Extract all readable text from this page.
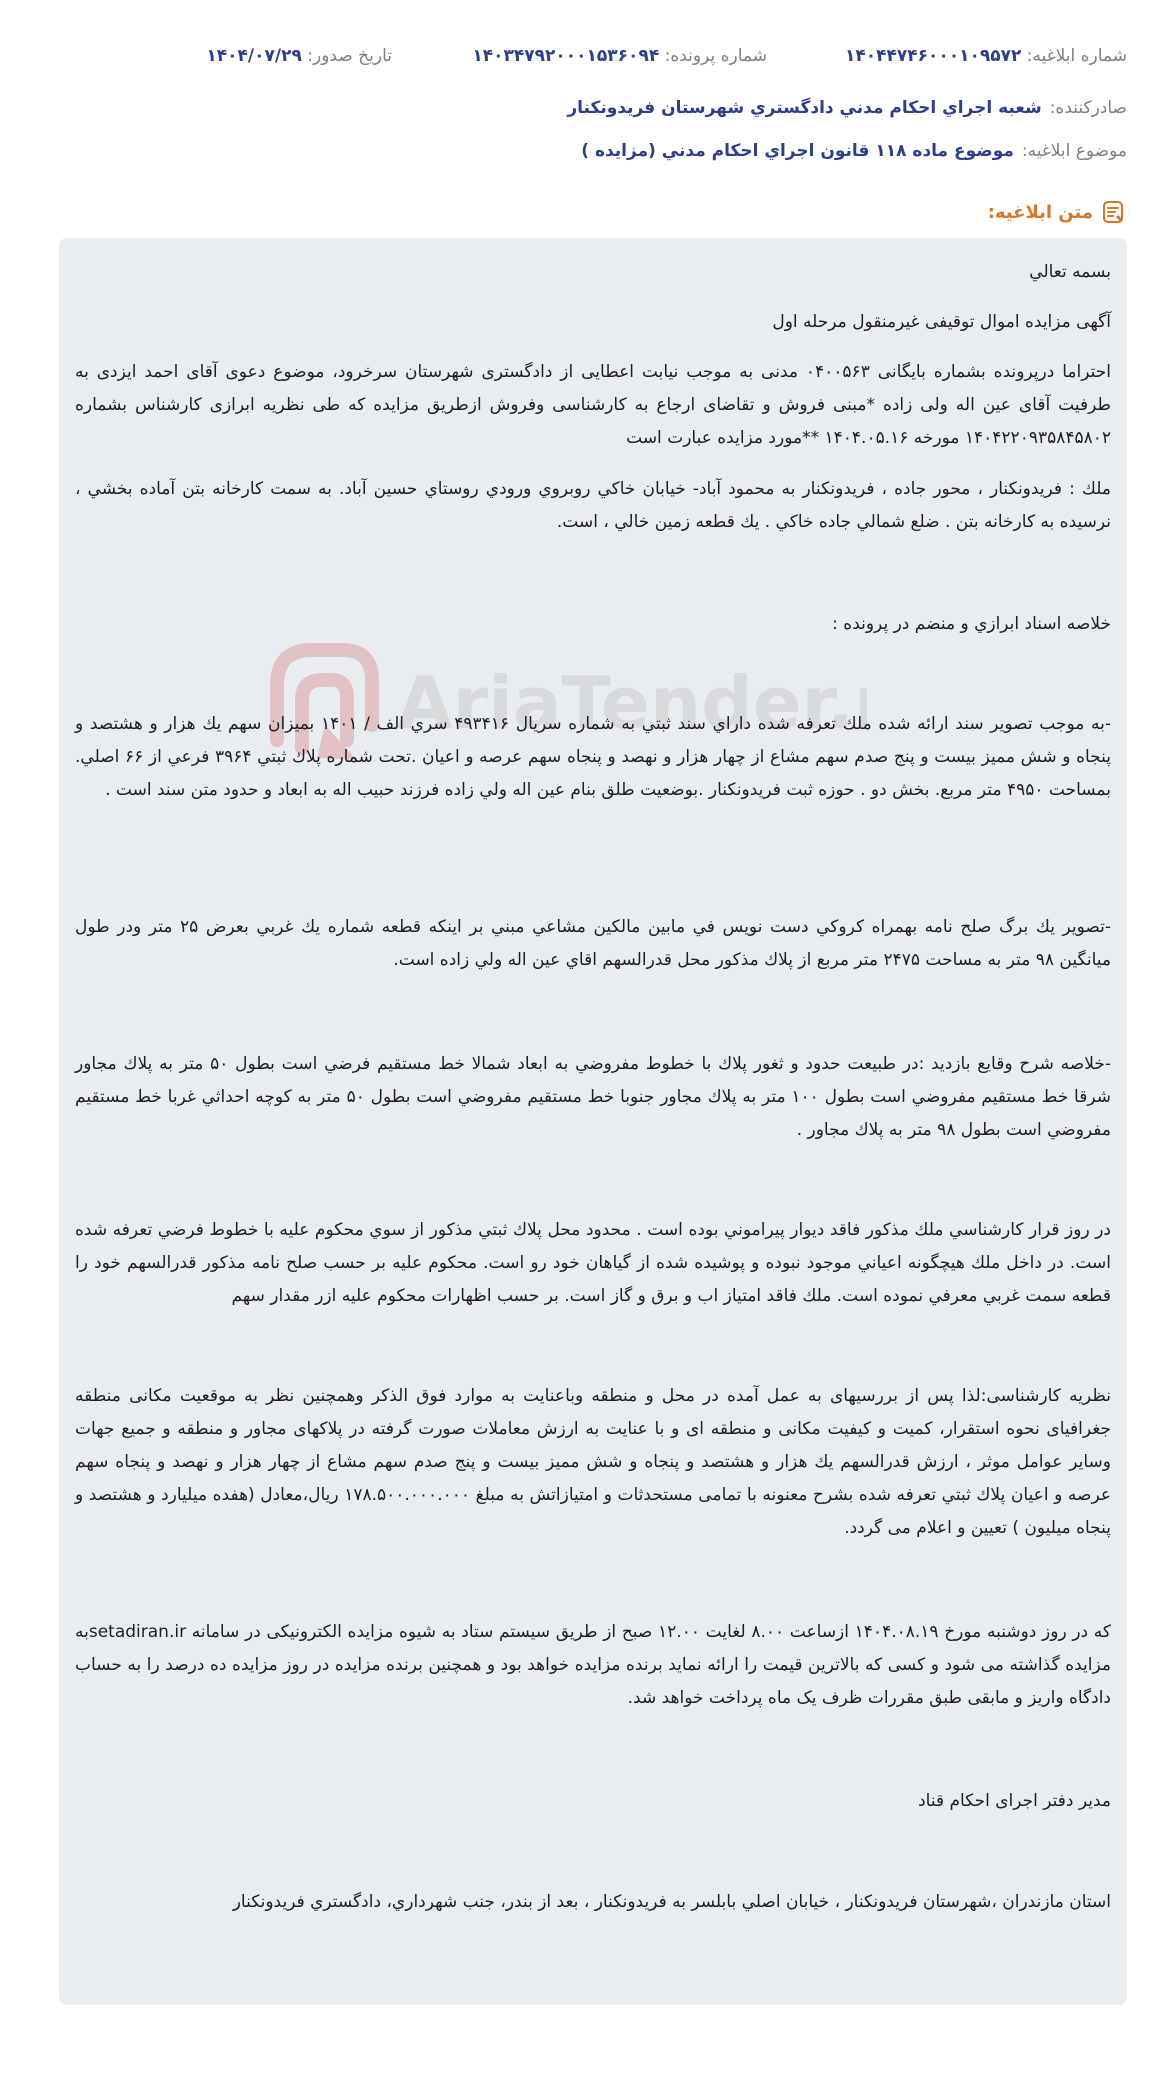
شماره ابلاغیه: ۱۴۰۴۴۷۴۶۰۰۰۱۰۹۵۷۲
شماره پرونده: ۱۴۰۳۴۷۹۲۰۰۰۱۵۳۶۰۹۴
تاریخ صدور: ۱۴۰۴/۰۷/۲۹
صادرکننده:
شعبه اجراي احکام مدني دادگستري شهرستان فريدونکنار
موضوع ابلاغیه:
موضوع ماده ۱۱۸ قانون اجراي احکام مدني (مزايده )
متن ابلاغیه:
AriaTender.

بسمه تعالي

آگهی مزایده اموال توقیفی غیرمنقول مرحله اول

احتراما درپرونده بشماره بایگانی ۰۴۰۰۵۶۳ مدنی به موجب نیابت اعطایی از دادگستری شهرستان سرخرود، موضوع دعوی آقای احمد ایزدی به طرفیت آقای عین اله ولی زاده *مبنی فروش و تقاضای ارجاع به کارشناسی وفروش ازطریق مزایده که طی نظریه ابرازی کارشناس بشماره ۱۴۰۴۲۲۰۹۳۵۸۴۵۸۰۲ مورخه ۱۴۰۴.۰۵.۱۶ **مورد مزایده عبارت است

ملك : فريدونكنار ، محور جاده ، فريدونكنار به محمود آباد- خيابان خاكي روبروي ورودي روستاي حسين آباد. به سمت كارخانه بتن آماده بخشي ، نرسيده به كارخانه بتن . ضلع شمالي جاده خاكي . يك قطعه زمين خالي ، است.

خلاصه اسناد ابرازي و منضم در پرونده :

-به موجب تصوير سند ارائه شده ملك تعرفه شده داراي سند ثبتي به شماره سريال ۴۹۳۴۱۶ سري الف / ۱۴۰۱ بميزان سهم يك هزار و هشتصد و پنجاه و شش مميز بيست و پنج صدم سهم مشاع از چهار هزار و نهصد و پنجاه سهم عرصه و اعيان .تحت شماره پلاك ثبتي ۳۹۶۴ فرعي از ۶۶ اصلي. بمساحت ۴۹۵۰ متر مربع. بخش دو . حوزه ثبت فريدونكنار .بوضعيت طلق بنام عين اله ولي زاده فرزند حبيب اله به ابعاد و حدود متن سند است .

-تصوير يك برگ صلح نامه بهمراه كروكي دست نويس في مابين مالكين مشاعي مبني بر اينكه قطعه شماره يك غربي بعرض ۲۵ متر ودر طول ميانگين ۹۸ متر به مساحت ۲۴۷۵ متر مربع از پلاك مذكور محل قدرالسهم اقاي عين اله ولي زاده است.

-خلاصه شرح وقايع بازديد :در طبيعت حدود و ثغور پلاك با خطوط مفروضي به ابعاد شمالا خط مستقيم فرضي است بطول ۵۰ متر به پلاك مجاور شرقا خط مستقيم مفروضي است بطول ۱۰۰ متر به پلاك مجاور جنوبا خط مستقيم مفروضي است بطول ۵۰ متر به كوچه احداثي غربا خط مستقيم مفروضي است بطول ۹۸ متر به پلاك مجاور .

در روز قرار كارشناسي ملك مذكور فاقد ديوار پيراموني بوده است . محدود محل پلاك ثبتي مذكور از سوي محكوم عليه با خطوط فرضي تعرفه شده است. در داخل ملك هيچگونه اعياني موجود نبوده و پوشيده شده از گياهان خود رو است. محكوم عليه بر حسب صلح نامه مذكور قدرالسهم خود را قطعه سمت غربي معرفي نموده است. ملك فاقد امتياز اب و برق و گاز است. بر حسب اظهارات محكوم عليه ازر مقدار سهم

نظریه کارشناسی:لذا پس از بررسیهای به عمل آمده در محل و منطقه وباعنایت به موارد فوق الذکر وهمچنین نظر به موقعیت مکانی منطقه جغرافیای نحوه استقرار، کمیت و کیفیت مکانی و منطقه ای و با عنایت به ارزش معاملات صورت گرفته در پلاکهای مجاور و منطقه و جمیع جهات وسایر عوامل موثر ، ارزش قدرالسهم يك هزار و هشتصد و پنجاه و شش مميز بيست و پنج صدم سهم مشاع از چهار هزار و نهصد و پنجاه سهم عرصه و اعيان پلاك ثبتي تعرفه شده بشرح معنونه با تمامی مستحدثات و امتیازاتش به مبلغ ۱۷۸.۵۰۰.۰۰۰.۰۰۰ ریال،معادل (هفده میلیارد و هشتصد و پنجاه میلیون ) تعیین و اعلام می گردد.

که در روز دوشنبه مورخ ۱۴۰۴.۰۸.۱۹ ازساعت ۸.۰۰ لغایت ۱۲.۰۰ صبح از طریق سیستم ستاد به شیوه مزایده الکترونیکی در سامانه setadiran.irبه مزایده گذاشته می شود و کسی که بالاترین قیمت را ارائه نماید برنده مزایده خواهد بود و همچنین برنده مزایده در روز مزایده ده درصد را به حساب دادگاه واریز و مابقی طبق مقررات ظرف یک ماه پرداخت خواهد شد.

مدیر دفتر اجرای احکام قناد

استان مازندران ،شهرستان فريدونكنار ، خيابان اصلي بابلسر به فريدونكنار ، بعد از بندر، جنب شهرداري، دادگستري فريدونكنار
